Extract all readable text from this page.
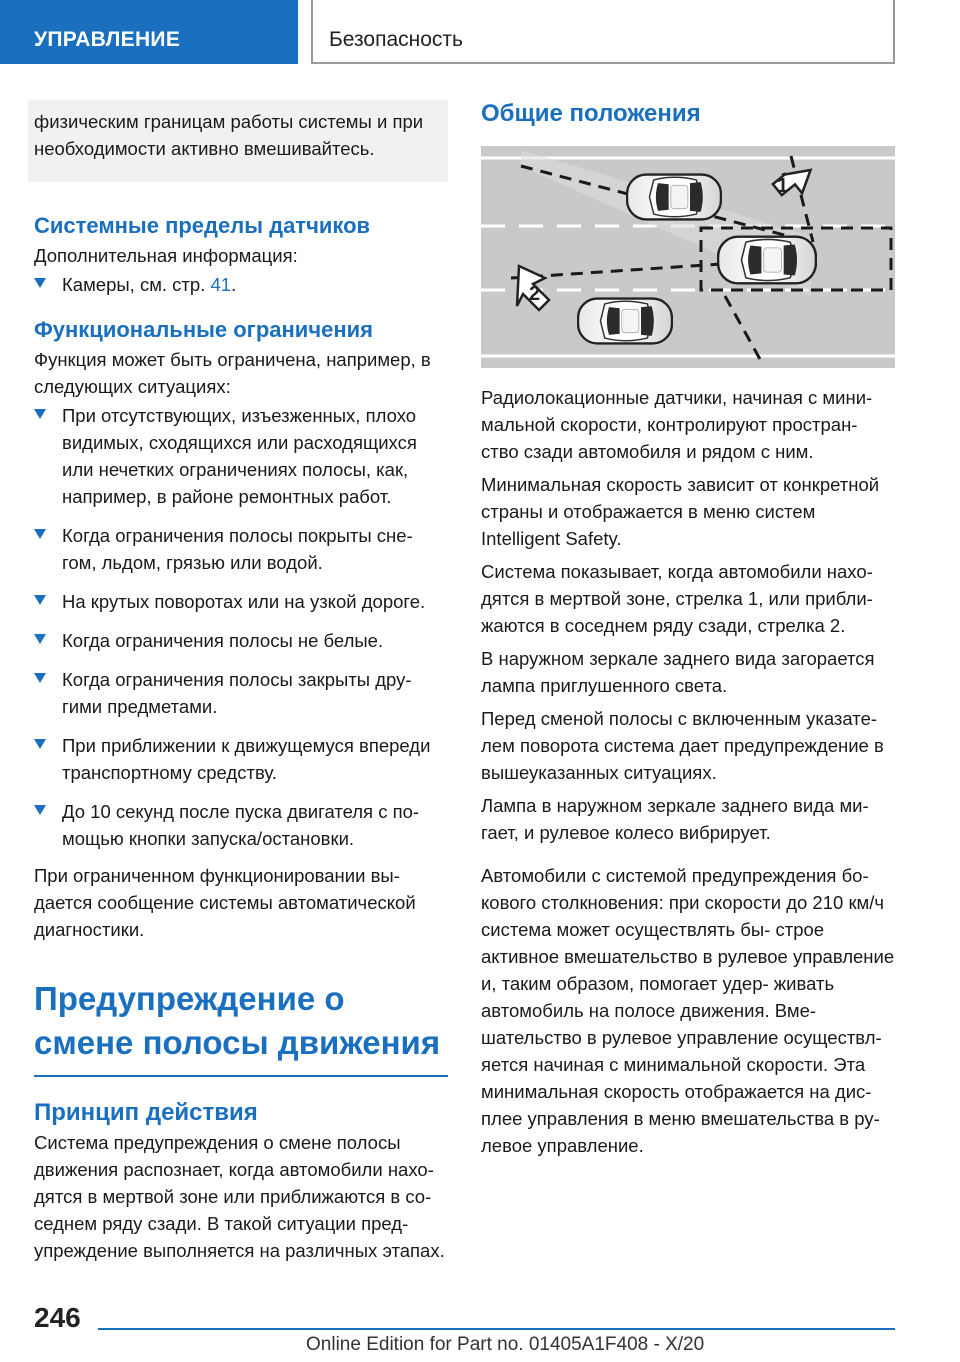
УПРАВЛЕНИЕ	Безопасность

физическим границам работы системы и при необходимости активно вмешивайтесь.

Системные пределы датчиков

Дополнительная информация:

Камеры, см. стр. 41.
Функциональные ограничения

Функция может быть ограничена, например, в следующих ситуациях:

При отсутствующих, изъезженных, плохо видимых, сходящихся или расходящихся или нечетких ограничениях полосы, как, например, в районе ремонтных работ.
Когда ограничения полосы покрыты сне- гом, льдом, грязью или водой.
На крутых поворотах или на узкой дороге.
Когда ограничения полосы не белые.
Когда ограничения полосы закрыты дру- гими предметами.
При приближении к движущемуся впереди транспортному средству.
До 10 секунд после пуска двигателя с по- мощью кнопки запуска/остановки.

При ограниченном функционировании вы- дается сообщение системы автоматической диагностики.

Предупреждение о смене полосы движения
Принцип действия

Система предупреждения о смене полосы движения распознает, когда автомобили нахо- дятся в мертвой зоне или приближаются в со- седнем ряду сзади. В такой ситуации пред- упреждение выполняется на различных этапах.

Общие положения
1
2

Радиолокационные датчики, начиная с мини- мальной скорости, контролируют простран- ство сзади автомобиля и рядом с ним.

Минимальная скорость зависит от конкретной страны и отображается в меню систем Intelligent Safety.

Система показывает, когда автомобили нахо- дятся в мертвой зоне, стрелка 1, или прибли- жаются в соседнем ряду сзади, стрелка 2.

В наружном зеркале заднего вида загорается лампа приглушенного света.

Перед сменой полосы с включенным указате- лем поворота система дает предупреждение в вышеуказанных ситуациях.

Лампа в наружном зеркале заднего вида ми- гает, и рулевое колесо вибрирует.

Автомобили с системой предупреждения бо- кового столкновения: при скорости до 210 км/ч система может осуществлять бы- строе активное вмешательство в рулевое управление и, таким образом, помогает удер- живать автомобиль на полосе движения. Вме- шательство в рулевое управление осуществл- яется начиная с минимальной скорости. Эта минимальная скорость отображается на дис- плее управления в меню вмешательства в ру- левое управление.

246
Online Edition for Part no. 01405A1F408 - X/20
